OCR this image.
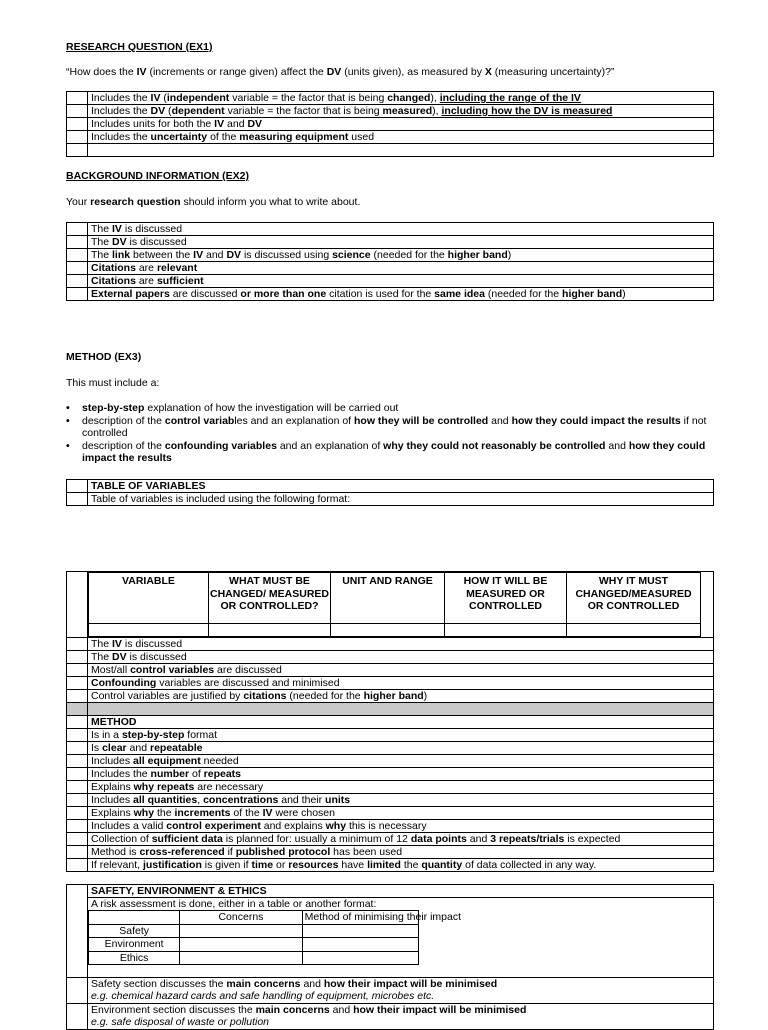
RESEARCH QUESTION (EX1)
“How does the IV (increments or range given) affect the DV (units given), as measured by X (measuring uncertainty)?”
	Includes the IV (independent variable = the factor that is being changed), including the range of the IV
	Includes the DV (dependent variable = the factor that is being measured), including how the DV is measured
	Includes units for both the IV and DV
	Includes the uncertainty of the measuring equipment used

BACKGROUND INFORMATION (EX2)
Your research question should inform you what to write about.
	The IV is discussed
	The DV is discussed
	The link between the IV and DV is discussed using science (needed for the higher band)
	Citations are relevant
	Citations are sufficient
	External papers are discussed or more than one citation is used for the same idea (needed for the higher band)
METHOD (EX3)
This must include a:
• step-by-step explanation of how the investigation will be carried out
• description of the control variables and an explanation of how they will be controlled and how they could impact the results if not controlled
• description of the confounding variables and an explanation of why they could not reasonably be controlled and how they could impact the results
	TABLE OF VARIABLES
	Table of variables is included using the following format:

VARIABLE	WHAT MUST BE CHANGED/ MEASURED OR CONTROLLED?	UNIT AND RANGE	HOW IT WILL BE MEASURED OR CONTROLLED	WHY IT MUST CHANGED/MEASURED OR CONTROLLED

	The IV is discussed
	The DV is discussed
	Most/all control variables are discussed
	Confounding variables are discussed and minimised
	Control variables are justified by citations (needed for the higher band)

	METHOD
	Is in a step-by-step format
	Is clear and repeatable
	Includes all equipment needed
	Includes the number of repeats
	Explains why repeats are necessary
	Includes all quantities, concentrations and their units
	Explains why the increments of the IV were chosen
	Includes a valid control experiment and explains why this is necessary
	Collection of sufficient data is planned for: usually a minimum of 12 data points and 3 repeats/trials is expected
	Method is cross-referenced if published protocol has been used
	If relevant, justification is given if time or resources have limited the quantity of data collected in any way.
	SAFETY, ENVIRONMENT & ETHICS

A risk assessment is done, either in a table or another format:
	Concerns	Method of minimising their impact
Safety		
Environment		
Ethics		

	Safety section discusses the main concerns and how their impact will be minimised
e.g. chemical hazard cards and safe handling of equipment, microbes etc.
	Environment section discusses the main concerns and how their impact will be minimised
e.g. safe disposal of waste or pollution
